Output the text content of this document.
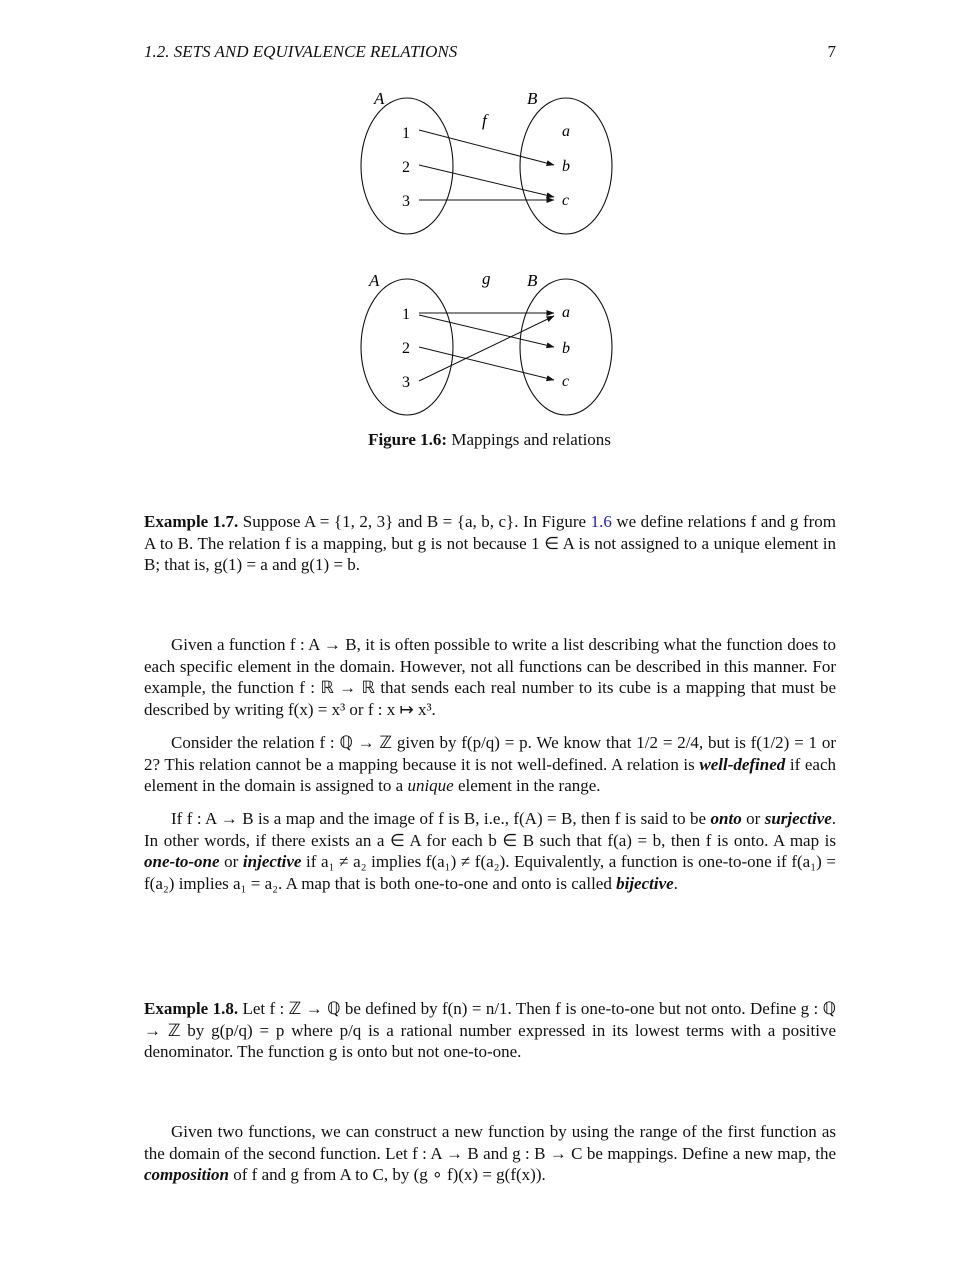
1.2. SETS AND EQUIVALENCE RELATIONS	7
A	B
f
1
2
3
a
b
c
A	B
g
1
2
3
a
b
c
Figure 1.6: Mappings and relations

Example 1.7. Suppose A = {1, 2, 3} and B = {a, b, c}. In Figure 1.6 we define relations f and g from A to B. The relation f is a mapping, but g is not because 1 ∈ A is not assigned to a unique element in B; that is, g(1) = a and g(1) = b.

Given a function f : A → B, it is often possible to write a list describing what the function does to each specific element in the domain. However, not all functions can be described in this manner. For example, the function f : ℝ → ℝ that sends each real number to its cube is a mapping that must be described by writing f(x) = x³ or f : x ↦ x³.

Consider the relation f : ℚ → ℤ given by f(p/q) = p. We know that 1/2 = 2/4, but is f(1/2) = 1 or 2? This relation cannot be a mapping because it is not well-defined. A relation is well-defined if each element in the domain is assigned to a unique element in the range.

If f : A → B is a map and the image of f is B, i.e., f(A) = B, then f is said to be onto or surjective. In other words, if there exists an a ∈ A for each b ∈ B such that f(a) = b, then f is onto. A map is one-to-one or injective if a₁ ≠ a₂ implies f(a₁) ≠ f(a₂). Equivalently, a function is one-to-one if f(a₁) = f(a₂) implies a₁ = a₂. A map that is both one-to-one and onto is called bijective.

Example 1.8. Let f : ℤ → ℚ be defined by f(n) = n/1. Then f is one-to-one but not onto. Define g : ℚ → ℤ by g(p/q) = p where p/q is a rational number expressed in its lowest terms with a positive denominator. The function g is onto but not one-to-one.

Given two functions, we can construct a new function by using the range of the first function as the domain of the second function. Let f : A → B and g : B → C be mappings. Define a new map, the composition of f and g from A to C, by (g ∘ f)(x) = g(f(x)).
